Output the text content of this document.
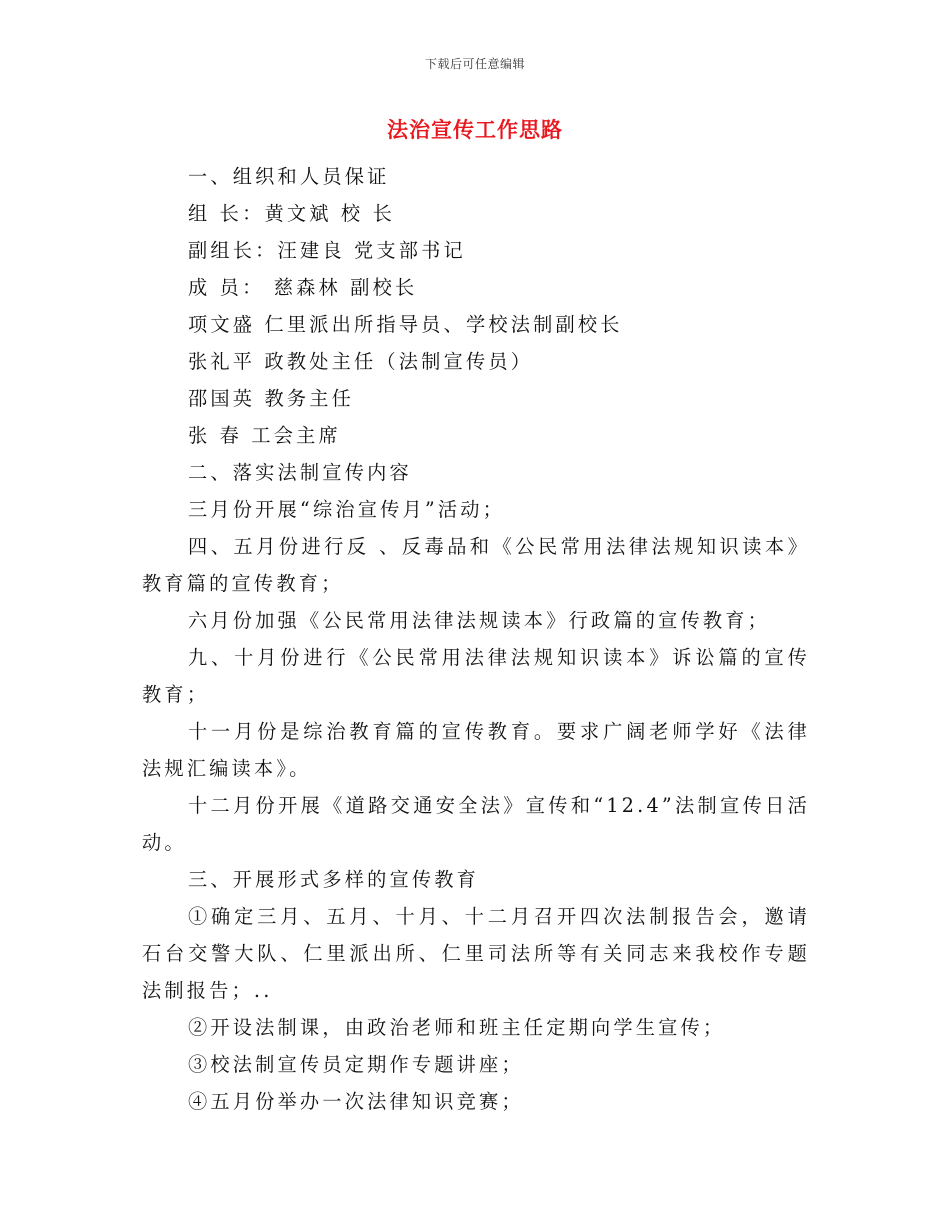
下载后可任意编辑
法治宣传工作思路

一、组织和人员保证

组 长：黄文斌 校 长

副组长：汪建良 党支部书记

成 员： 慈森林 副校长

项文盛 仁里派出所指导员、学校法制副校长

张礼平 政教处主任（法制宣传员）

邵国英 教务主任

张 春 工会主席

二、落实法制宣传内容

三月份开展“综治宣传月”活动；

四、五月份进行反 、反毒品和《公民常用法律法规知识读本》教育篇的宣传教育；

六月份加强《公民常用法律法规读本》行政篇的宣传教育；

九、十月份进行《公民常用法律法规知识读本》诉讼篇的宣传教育；

十一月份是综治教育篇的宣传教育。要求广阔老师学好《法律法规汇编读本》。

十二月份开展《道路交通安全法》宣传和“12.4”法制宣传日活动。

三、开展形式多样的宣传教育

①确定三月、五月、十月、十二月召开四次法制报告会，邀请石台交警大队、仁里派出所、仁里司法所等有关同志来我校作专题法制报告；..

②开设法制课，由政治老师和班主任定期向学生宣传；

③校法制宣传员定期作专题讲座；

④五月份举办一次法律知识竞赛；
